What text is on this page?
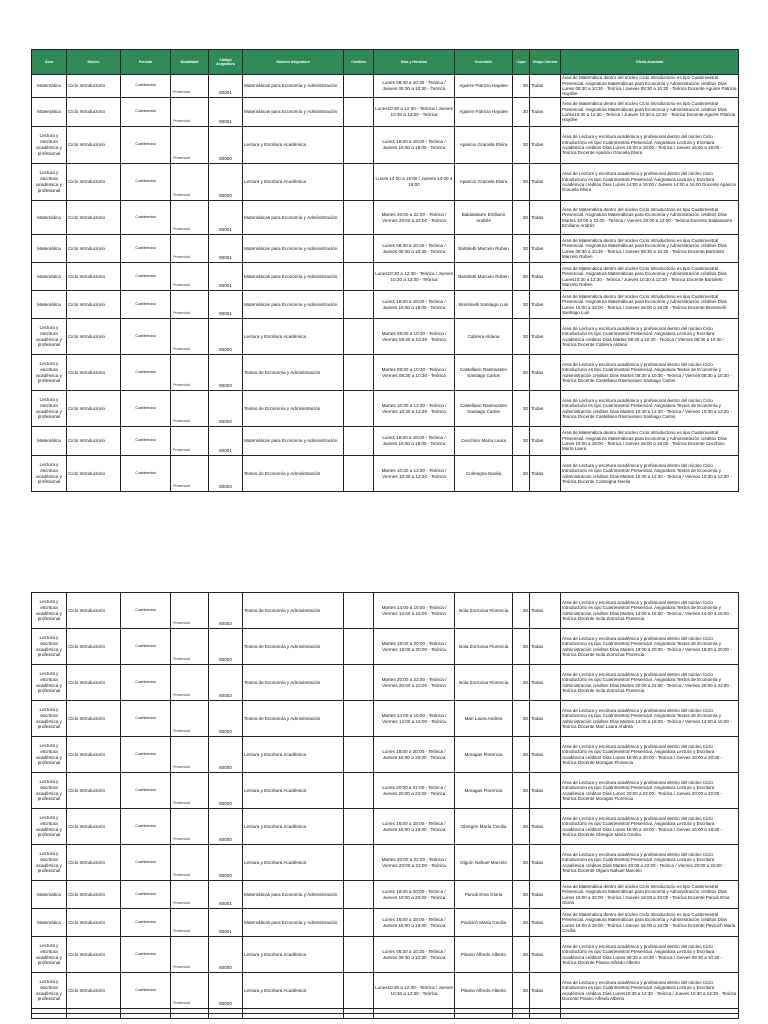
Área	Núcleo	Período	Modalidad	Código Asignatura	Nombre Asignatura	Créditos	Días y Horarios	Docente/s	Cupo	Grupo Carrera	Oferta Asociada
Matemática	Ciclo Introductorio	Cuatrimestral	Presencial	80001	Matemáticas para Economía y Administración		Lunes 08:30 a 10:30 - Teórica / Jueves 08:30 a 10:30 - Teórica	Aguirre Patricia Haydee	30	Todas	Área de Matemática dentro del núcleo Ciclo Introductorio es tipo Cuatrimestral Presencial. Asignatura Matemáticas para Economía y Administración créditos Días Lunes 08:30 a 10:30 - Teórica / Jueves 08:30 a 10:30 - Teórica Docente Aguirre Patricia Haydee
Matemática	Ciclo Introductorio	Cuatrimestral	Presencial	80001	Matemáticas para Economía y Administración		Lunes10:30 a 12:30 - Teórica / Jueves 10:30 a 12:30 - Teórica	Aguirre Patricia Haydee	30	Todas	Área de Matemática dentro del núcleo Ciclo Introductorio es tipo Cuatrimestral Presencial. Asignatura Matemáticas para Economía y Administración créditos Días Lunes10:30 a 12:30 - Teórica / Jueves 10:30 a 12:30 - Teórica Docente Aguirre Patricia Haydee
Lectura y escritura académica y profesional	Ciclo Introductorio	Cuatrimestral	Presencial	80000	Lectura y Escritura Académica		Lunes 16:00 a 18:00 - Teórica / Jueves 16:00 a 18:00 - Teórica	Aparicio Graciela Elvira	30	Todas	Área de Lectura y escritura académica y profesional dentro del núcleo Ciclo Introductorio es tipo Cuatrimestral Presencial. Asignatura Lectura y Escritura Académica créditos Días Lunes 16:00 a 18:00 - Teórica / Jueves 16:00 a 18:00 - Teórica Docente Aparicio Graciela Elvira
Lectura y escritura académica y profesional	Ciclo Introductorio	Cuatrimestral	Presencial	80000	Lectura y Escritura Académica		Lunes 14:00 a 16:00 / Jueves 14:00 a 16:00	Aparicio Graciela Elvira	30	Todas	Área de Lectura y escritura académica y profesional dentro del núcleo Ciclo Introductorio es tipo Cuatrimestral Presencial. Asignatura Lectura y Escritura Académica créditos Días Lunes 14:00 a 16:00 / Jueves 14:00 a 16:00 Docente Aparicio Graciela Elvira
Matemática	Ciclo Introductorio	Cuatrimestral	Presencial	80001	Matemáticas para Economía y Administración		Martes 20:00 a 22:00 - Teórica / Viernes 20:00 a 22:00 - Teórica	Baldassarre Emiliano Andrés	30	Todas	Área de Matemática dentro del núcleo Ciclo Introductorio es tipo Cuatrimestral Presencial. Asignatura Matemáticas para Economía y Administración créditos Días Martes 20:00 a 22:00 - Teórica / Viernes 20:00 a 22:00 - Teórica Docente Baldassarre Emiliano Andrés
Matemática	Ciclo Introductorio	Cuatrimestral	Presencial	80001	Matemáticas para Economía y Administración		Lunes 08:30 a 10:30 - Teórica / Jueves 08:30 a 10:30 - Teórica	Bartoletti Marcelo Ruben	30	Todas	Área de Matemática dentro del núcleo Ciclo Introductorio es tipo Cuatrimestral Presencial. Asignatura Matemáticas para Economía y Administración créditos Días Lunes 08:30 a 10:30 - Teórica / Jueves 08:30 a 10:30 - Teórica Docente Bartoletti Marcelo Ruben
Matemática	Ciclo Introductorio	Cuatrimestral	Presencial	80001	Matemáticas para Economía y Administración		Lunes10:30 a 12:30 - Teórica / Jueves 10:30 a 12:30 - Teórica	Bartoletti Marcelo Ruben	30	Todas	Área de Matemática dentro del núcleo Ciclo Introductorio es tipo Cuatrimestral Presencial. Asignatura Matemáticas para Economía y Administración créditos Días Lunes10:30 a 12:30 - Teórica / Jueves 10:30 a 12:30 - Teórica Docente Bartoletti Marcelo Ruben
Matemática	Ciclo Introductorio	Cuatrimestral	Presencial	80001	Matemáticas para Economía y Administración		Lunes 16:00 a 18:00 - Teórica / Jueves 16:00 a 18:00 - Teórica	Brentinelli Santiago Luis	30	Todas	Área de Matemática dentro del núcleo Ciclo Introductorio es tipo Cuatrimestral Presencial. Asignatura Matemáticas para Economía y Administración créditos Días Lunes 16:00 a 18:00 - Teórica / Jueves 16:00 a 18:00 - Teórica Docente Brentinelli Santiago Luis
Lectura y escritura académica y profesional	Ciclo Introductorio	Cuatrimestral	Presencial	80000	Lectura y Escritura Académica		Martes 08:30 a 10:30 - Teórica / Viernes 08:30 a 10:30 - Teórica	Cabrera Aldana	30	Todas	Área de Lectura y escritura académica y profesional dentro del núcleo Ciclo Introductorio es tipo Cuatrimestral Presencial. Asignatura Lectura y Escritura Académica créditos Días Martes 08:30 a 10:30 - Teórica / Viernes 08:30 a 10:30 - Teórica Docente Cabrera Aldana
Lectura y escritura académica y profesional	Ciclo Introductorio	Cuatrimestral	Presencial	80002	Textos de Economía y Administración		Martes 08:30 a 10:30 - Teórica / Viernes 08:30 a 10:30 - Teórica	Castellano Rasmussen Santiago Carlos	30	Todas	Área de Lectura y escritura académica y profesional dentro del núcleo Ciclo Introductorio es tipo Cuatrimestral Presencial. Asignatura Textos de Economía y Administración créditos Días Martes 08:30 a 10:30 - Teórica / Viernes 08:30 a 10:30 - Teórica Docente Castellano Rasmussen Santiago Carlos
Lectura y escritura académica y profesional	Ciclo Introductorio	Cuatrimestral	Presencial	80002	Textos de Economía y Administración		Martes 10:30 a 12:30 - Teórica / Viernes 10:30 a 12:30 - Teórica	Castellano Rasmussen Santiago Carlos	30	Todas	Área de Lectura y escritura académica y profesional dentro del núcleo Ciclo Introductorio es tipo Cuatrimestral Presencial. Asignatura Textos de Economía y Administración créditos Días Martes 10:30 a 12:30 - Teórica / Viernes 10:30 a 12:30 - Teórica Docente Castellano Rasmussen Santiago Carlos
Matemática	Ciclo Introductorio	Cuatrimestral	Presencial	80001	Matemáticas para Economía y Administración		Lunes 16:00 a 18:00 - Teórica / Jueves 16:00 a 18:00 - Teórica	Cecchino María Laura	30	Todas	Área de Matemática dentro del núcleo Ciclo Introductorio es tipo Cuatrimestral Presencial. Asignatura Matemáticas para Economía y Administración créditos Días Lunes 16:00 a 18:00 - Teórica / Jueves 16:00 a 18:00 - Teórica Docente Cecchino María Laura
Lectura y escritura académica y profesional	Ciclo Introductorio	Cuatrimestral	Presencial	80002	Textos de Economía y Administración		Martes 10:30 a 12:30 - Teórica / Viernes 10:30 a 12:30 - Teórica	Colmegna Noelia	30	Todas	Área de Lectura y escritura académica y profesional dentro del núcleo Ciclo Introductorio es tipo Cuatrimestral Presencial. Asignatura Textos de Economía y Administración créditos Días Martes 10:30 a 12:30 - Teórica / Viernes 10:30 a 12:30 - Teórica Docente Colmegna Noelia
Lectura y escritura académica y profesional	Ciclo Introductorio	Cuatrimestral	Presencial	80002	Textos de Economía y Administración		Martes 14:00 a 16:00 - Teórica / Viernes 14:00 a 16:00 - Teórica	Isola Zorrozua Florencia	30	Todas	Área de Lectura y escritura académica y profesional dentro del núcleo Ciclo Introductorio es tipo Cuatrimestral Presencial. Asignatura Textos de Economía y Administración créditos Días Martes 14:00 a 16:00 - Teórica / Viernes 14:00 a 16:00 - Teórica Docente Isola Zorrozua Florencia
Lectura y escritura académica y profesional	Ciclo Introductorio	Cuatrimestral	Presencial	80002	Textos de Economía y Administración		Martes 18:00 a 20:00 - Teórica / Viernes 18:00 a 20:00 - Teórica	Isola Zorrozua Florencia	30	Todas	Área de Lectura y escritura académica y profesional dentro del núcleo Ciclo Introductorio es tipo Cuatrimestral Presencial. Asignatura Textos de Economía y Administración créditos Días Martes 18:00 a 20:00 - Teórica / Viernes 18:00 a 20:00 - Teórica Docente Isola Zorrozua Florencia
Lectura y escritura académica y profesional	Ciclo Introductorio	Cuatrimestral	Presencial	80002	Textos de Economía y Administración		Martes 20:00 a 22:00 - Teórica / Viernes 20:00 a 22:00 - Teórica	Isola Zorrozua Florencia	30	Todas	Área de Lectura y escritura académica y profesional dentro del núcleo Ciclo Introductorio es tipo Cuatrimestral Presencial. Asignatura Textos de Economía y Administración créditos Días Martes 20:00 a 22:00 - Teórica / Viernes 20:00 a 22:00 - Teórica Docente Isola Zorrozua Florencia
Lectura y escritura académica y profesional	Ciclo Introductorio	Cuatrimestral	Presencial	80002	Textos de Economía y Administración		Martes 14:00 a 16:00 - Teórica / Viernes 14:00 a 16:00 - Teórica	Mari Laura Andrea	30	Todas	Área de Lectura y escritura académica y profesional dentro del núcleo Ciclo Introductorio es tipo Cuatrimestral Presencial. Asignatura Textos de Economía y Administración créditos Días Martes 14:00 a 16:00 - Teórica / Viernes 14:00 a 16:00 - Teórica Docente Mari Laura Andrea
Lectura y escritura académica y profesional	Ciclo Introductorio	Cuatrimestral	Presencial	80000	Lectura y Escritura Académica		Lunes 18:00 a 20:00 - Teórica / Jueves 18:00 a 20:00 - Teórica	Moragas Florencia	30	Todas	Área de Lectura y escritura académica y profesional dentro del núcleo Ciclo Introductorio es tipo Cuatrimestral Presencial. Asignatura Lectura y Escritura Académica créditos Días Lunes 18:00 a 20:00 - Teórica / Jueves 18:00 a 20:00 - Teórica Docente Moragas Florencia
Lectura y escritura académica y profesional	Ciclo Introductorio	Cuatrimestral	Presencial	80000	Lectura y Escritura Académica		Lunes 20:00 a 22:00 - Teórica / Jueves 20:00 a 22:00 - Teórica	Moragas Florencia	30	Todas	Área de Lectura y escritura académica y profesional dentro del núcleo Ciclo Introductorio es tipo Cuatrimestral Presencial. Asignatura Lectura y Escritura Académica créditos Días Lunes 20:00 a 22:00 - Teórica / Jueves 20:00 a 22:00 - Teórica Docente Moragas Florencia
Lectura y escritura académica y profesional	Ciclo Introductorio	Cuatrimestral	Presencial	80000	Lectura y Escritura Académica		Lunes 16:00 a 18:00 - Teórica / Jueves 16:00 a 18:00 - Teórica	Obregón María Cecilia	30	Todas	Área de Lectura y escritura académica y profesional dentro del núcleo Ciclo Introductorio es tipo Cuatrimestral Presencial. Asignatura Lectura y Escritura Académica créditos Días Lunes 16:00 a 18:00 - Teórica / Jueves 16:00 a 18:00 - Teórica Docente Obregón María Cecilia
Lectura y escritura académica y profesional	Ciclo Introductorio	Cuatrimestral	Presencial	80000	Lectura y Escritura Académica		Martes 20:00 a 22:00 - Teórica / Viernes 20:00 a 22:00 - Teórica	Olguín Nahuel Marcelo	30	Todas	Área de Lectura y escritura académica y profesional dentro del núcleo Ciclo Introductorio es tipo Cuatrimestral Presencial. Asignatura Lectura y Escritura Académica créditos Días Martes 20:00 a 22:00 - Teórica / Viernes 20:00 a 22:00 - Teórica Docente Olguín Nahuel Marcelo
Matemática	Ciclo Introductorio	Cuatrimestral	Presencial	80001	Matemáticas para Economía y Administración		Lunes 18:00 a 20:00 - Teórica / Jueves 18:00 a 20:00 - Teórica	Parodi Ema Gloria	30	Todas	Área de Matemática dentro del núcleo Ciclo Introductorio es tipo Cuatrimestral Presencial. Asignatura Matemáticas para Economía y Administración créditos Días Lunes 18:00 a 20:00 - Teórica / Jueves 18:00 a 20:00 - Teórica Docente Parodi Ema Gloria
Matemática	Ciclo Introductorio	Cuatrimestral	Presencial	80001	Matemáticas para Economía y Administración		Lunes 16:00 a 18:00 - Teórica / Jueves 16:00 a 18:00 - Teórica	Pavicich María Cecilia	30	Todas	Área de Matemática dentro del núcleo Ciclo Introductorio es tipo Cuatrimestral Presencial. Asignatura Matemáticas para Economía y Administración créditos Días Lunes 16:00 a 18:00 - Teórica / Jueves 16:00 a 18:00 - Teórica Docente Pavicich María Cecilia
Lectura y escritura académica y profesional	Ciclo Introductorio	Cuatrimestral	Presencial	80000	Lectura y Escritura Académica		Lunes 08:30 a 10:30 - Teórica / Jueves 08:30 a 10:30 - Teórica	Pisano Alfredo Alberto	30	Todas	Área de Lectura y escritura académica y profesional dentro del núcleo Ciclo Introductorio es tipo Cuatrimestral Presencial. Asignatura Lectura y Escritura Académica créditos Días Lunes 08:30 a 10:30 - Teórica / Jueves 08:30 a 10:30 - Teórica Docente Pisano Alfredo Alberto
Lectura y escritura académica y profesional	Ciclo Introductorio	Cuatrimestral	Presencial	80000	Lectura y Escritura Académica		Lunes10:30 a 12:30 - Teórica / Jueves 10:30 a 12:30 - Teórica	Pisano Alfredo Alberto	30	Todas	Área de Lectura y escritura académica y profesional dentro del núcleo Ciclo Introductorio es tipo Cuatrimestral Presencial. Asignatura Lectura y Escritura Académica créditos Días Lunes10:30 a 12:30 - Teórica / Jueves 10:30 a 12:30 - Teórica Docente Pisano Alfredo Alberto
